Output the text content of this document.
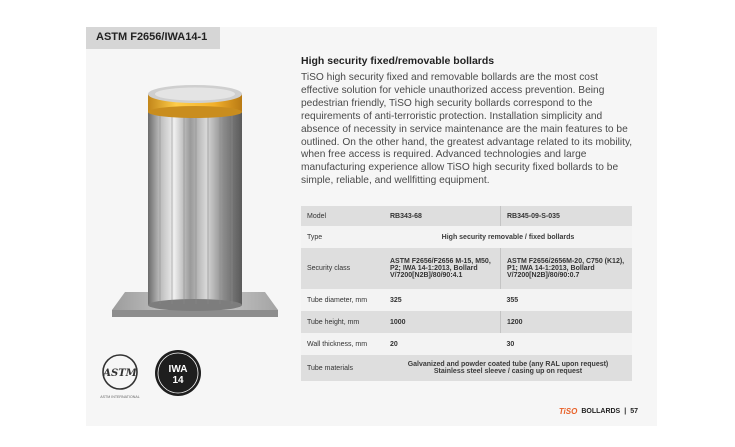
ASTM F2656/IWA14-1
High security fixed/removable bollards
TiSO high security fixed and removable bollards are the most cost effective solution for vehicle unauthorized access prevention. Being pedestrian friendly, TiSO high security bollards correspond to the requirements of anti-terroristic protection. Installation simplicity and absence of necessity in service maintenance are the main features to be outlined. On the other hand, the greatest advantage related to its mobility, when free access is required. Advanced technologies and large manufacturing experience allow TiSO high security fixed bollards to be simple, reliable, and wellfitting equipment.
Model	RB343-68	RB345-09-S-035
Type	High security removable / fixed bollards	
Security class	ASTM F2656/F2656 M-15, M50, P2; IWA 14-1:2013, Bollard V/7200[N2B]/80/90:4.1	ASTM F2656/2656M-20, C750 (K12), P1; IWA 14-1:2013, Bollard V/7200[N2B]/80/90:0.7
Tube diameter, mm	325	355
Tube height, mm	1000	1200
Wall thickness, mm	20	30
Tube materials	Galvanized and powder coated tube (any RAL upon request)
Stainless steel sleeve / casing up on request	
ASTM
ASTM INTERNATIONAL
IWA
14
TiSO BOLLARDS | 57
